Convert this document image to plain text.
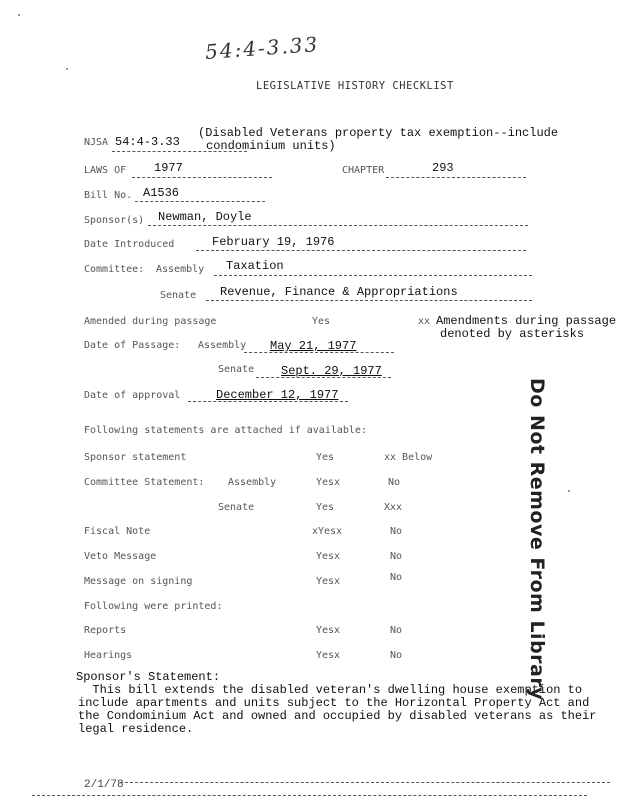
54:4-3.33
LEGISLATIVE HISTORY CHECKLIST
NJSA 54:4-3.33
(Disabled Veterans property tax exemption--include
condominium units)
LAWS OF 1977	CHAPTER	293
Bill No. A1536
Sponsor(s) Newman, Doyle
Date Introduced	February 19, 1976
Committee: Assembly Taxation
Senate Revenue, Finance & Appropriations
Amended during passage	Yes	xx Amendments during passage
denoted by asterisks
Date of Passage: Assembly May 21, 1977
Senate Sept. 29, 1977
Date of approval	December 12, 1977
Following statements are attached if available:
Sponsor statement	Yes	xx Below
Committee Statement: Assembly	Yesx	No
Senate	Yes	Xxx
Fiscal Note	xYesx	No
Veto Message	Yesx	No
Message on signing	Yesx	No
Following were printed:
Reports	Yesx	No
Hearings	Yesx	No
Sponsor's Statement:
This bill extends the disabled veteran's dwelling house exemption to
include apartments and units subject to the Horizontal Property Act and
the Condominium Act and owned and occupied by disabled veterans as their
legal residence.
Do Not Remove From Library
2/1/78
